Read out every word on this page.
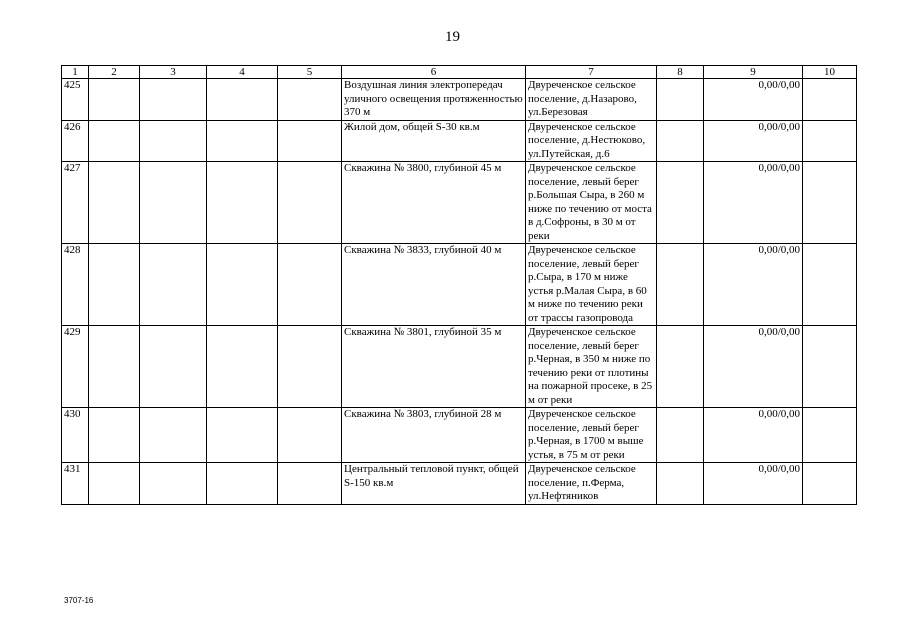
19
1	2	3	4	5	6	7	8	9	10
425					Воздушная линия электропередач уличного освещения протяженностью 370 м	Двуреченское сельское поселение, д.Назарово, ул.Березовая		0,00/0,00	
426					Жилой дом, общей S-30 кв.м	Двуреченское сельское поселение, д.Нестюково, ул.Путейская, д.6		0,00/0,00	
427					Скважина № 3800, глубиной 45 м	Двуреченское сельское поселение, левый берег р.Большая Сыра, в 260 м ниже по течению от моста в д.Софроны, в 30 м от реки		0,00/0,00	
428					Скважина № 3833, глубиной 40 м	Двуреченское сельское поселение, левый берег р.Сыра, в 170 м ниже устья р.Малая Сыра, в 60 м ниже по течению реки от трассы газопровода		0,00/0,00	
429					Скважина № 3801, глубиной 35 м	Двуреченское сельское поселение, левый берег р.Черная, в 350 м ниже по течению реки от плотины на пожарной просеке, в 25 м от реки		0,00/0,00	
430					Скважина № 3803, глубиной 28 м	Двуреченское сельское поселение, левый берег р.Черная, в 1700 м выше устья, в 75 м от реки		0,00/0,00	
431					Центральный тепловой пункт, общей S-150 кв.м	Двуреченское сельское поселение, п.Ферма, ул.Нефтяников		0,00/0,00	
3707-16
